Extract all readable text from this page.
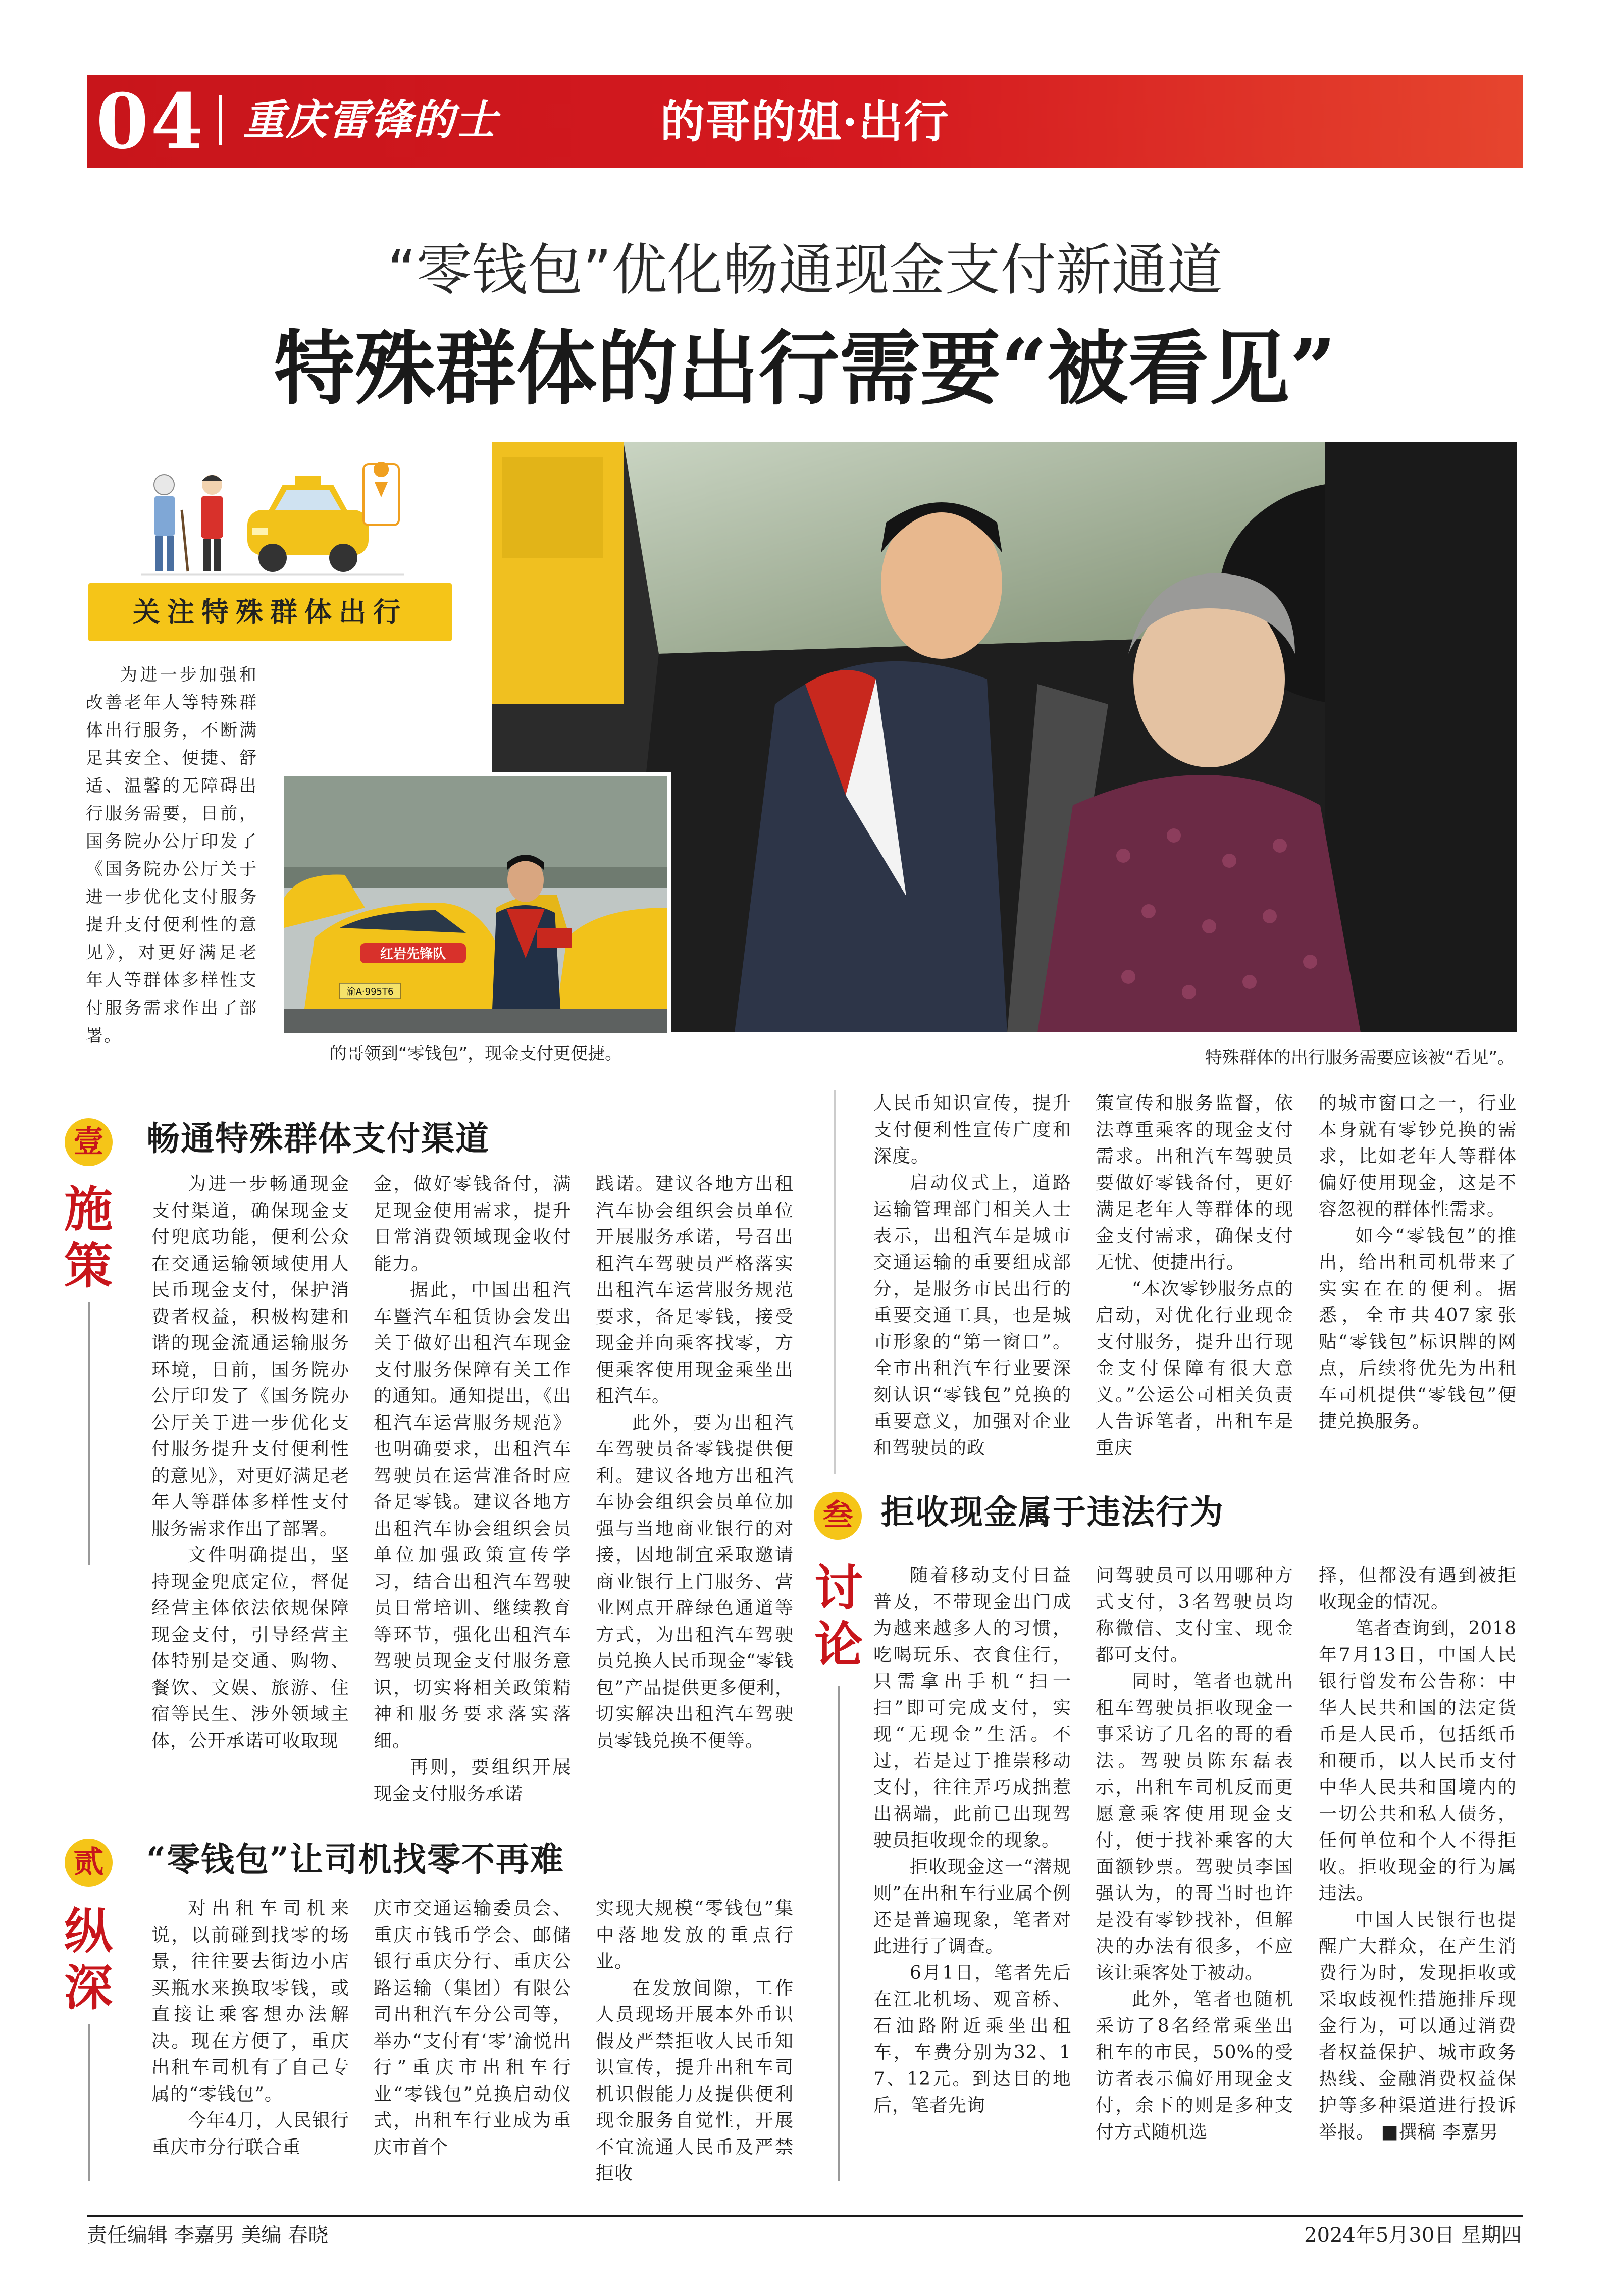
04 重庆雷锋的士	的哥的姐·出行
“零钱包”优化畅通现金支付新通道
特殊群体的出行需要“被看见”
关注特殊群体出行
为进一步加强和改善老年人等特殊群体出行服务，不断满足其安全、便捷、舒适、温馨的无障碍出行服务需要，日前，国务院办公厅印发了《国务院办公厅关于进一步优化支付服务提升支付便利性的意见》，对更好满足老年人等群体多样性支付服务需求作出了部署。
红岩先锋队
渝A·995T6
的哥领到“零钱包”，现金支付更便捷。	特殊群体的出行服务需要应该被“看见”。
壹 畅通特殊群体支付渠道
施策

为进一步畅通现金支付渠道，确保现金支付兜底功能，便利公众在交通运输领域使用人民币现金支付，保护消费者权益，积极构建和谐的现金流通运输服务环境，日前，国务院办公厅印发了《国务院办公厅关于进一步优化支付服务提升支付便利性的意见》，对更好满足老年人等群体多样性支付服务需求作出了部署。

文件明确提出，坚持现金兜底定位，督促经营主体依法依规保障现金支付，引导经营主体特别是交通、购物、餐饮、文娱、旅游、住宿等民生、涉外领域主体，公开承诺可收取现

金，做好零钱备付，满足现金使用需求，提升日常消费领域现金收付能力。

据此，中国出租汽车暨汽车租赁协会发出关于做好出租汽车现金支付服务保障有关工作的通知。通知提出，《出租汽车运营服务规范》也明确要求，出租汽车驾驶员在运营准备时应备足零钱。建议各地方出租汽车协会组织会员单位加强政策宣传学习，结合出租汽车驾驶员日常培训、继续教育等环节，强化出租汽车驾驶员现金支付服务意识，切实将相关政策精神和服务要求落实落细。

再则，要组织开展现金支付服务承诺

践诺。建议各地方出租汽车协会组织会员单位开展服务承诺，号召出租汽车驾驶员严格落实出租汽车运营服务规范要求，备足零钱，接受现金并向乘客找零，方便乘客使用现金乘坐出租汽车。

此外，要为出租汽车驾驶员备零钱提供便利。建议各地方出租汽车协会组织会员单位加强与当地商业银行的对接，因地制宜采取邀请商业银行上门服务、营业网点开辟绿色通道等方式，为出租汽车驾驶员兑换人民币现金“零钱包”产品提供更多便利，切实解决出租汽车驾驶员零钱兑换不便等。

人民币知识宣传，提升支付便利性宣传广度和深度。

启动仪式上，道路运输管理部门相关人士表示，出租汽车是城市交通运输的重要组成部分，是服务市民出行的重要交通工具，也是城市形象的“第一窗口”。全市出租汽车行业要深刻认识“零钱包”兑换的重要意义，加强对企业和驾驶员的政

策宣传和服务监督，依法尊重乘客的现金支付需求。出租汽车驾驶员要做好零钱备付，更好满足老年人等群体的现金支付需求，确保支付无忧、便捷出行。

“本次零钞服务点的启动，对优化行业现金支付服务，提升出行现金支付保障有很大意义。”公运公司相关负责人告诉笔者，出租车是重庆

的城市窗口之一，行业本身就有零钞兑换的需求，比如老年人等群体偏好使用现金，这是不容忽视的群体性需求。

如今“零钱包”的推出，给出租司机带来了实实在在的便利。据悉，全市共407家张贴“零钱包”标识牌的网点，后续将优先为出租车司机提供“零钱包”便捷兑换服务。

叁 拒收现金属于违法行为
讨论

随着移动支付日益普及，不带现金出门成为越来越多人的习惯，吃喝玩乐、衣食住行，只需拿出手机“扫一扫”即可完成支付，实现“无现金”生活。不过，若是过于推崇移动支付，往往弄巧成拙惹出祸端，此前已出现驾驶员拒收现金的现象。

拒收现金这一“潜规则”在出租车行业属个例还是普遍现象，笔者对此进行了调查。

6月1日，笔者先后在江北机场、观音桥、石油路附近乘坐出租车，车费分别为32、17、12元。到达目的地后，笔者先询

问驾驶员可以用哪种方式支付，3名驾驶员均称微信、支付宝、现金都可支付。

同时，笔者也就出租车驾驶员拒收现金一事采访了几名的哥的看法。驾驶员陈东磊表示，出租车司机反而更愿意乘客使用现金支付，便于找补乘客的大面额钞票。驾驶员李国强认为，的哥当时也许是没有零钞找补，但解决的办法有很多，不应该让乘客处于被动。

此外，笔者也随机采访了8名经常乘坐出租车的市民，50%的受访者表示偏好用现金支付，余下的则是多种支付方式随机选

择，但都没有遇到被拒收现金的情况。

笔者查询到，2018年7月13日，中国人民银行曾发布公告称：中华人民共和国的法定货币是人民币，包括纸币和硬币，以人民币支付中华人民共和国境内的一切公共和私人债务，任何单位和个人不得拒收。拒收现金的行为属违法。

中国人民银行也提醒广大群众，在产生消费行为时，发现拒收或采取歧视性措施排斥现金行为，可以通过消费者权益保护、城市政务热线、金融消费权益保护等多种渠道进行投诉举报。 ■撰稿 李嘉男

贰 “零钱包”让司机找零不再难
纵深

对出租车司机来说，以前碰到找零的场景，往往要去街边小店买瓶水来换取零钱，或直接让乘客想办法解决。现在方便了，重庆出租车司机有了自己专属的“零钱包”。

今年4月，人民银行重庆市分行联合重

庆市交通运输委员会、重庆市钱币学会、邮储银行重庆分行、重庆公路运输（集团）有限公司出租汽车分公司等，举办“支付有‘零’渝悦出行”重庆市出租车行业“零钱包”兑换启动仪式，出租车行业成为重庆市首个

实现大规模“零钱包”集中落地发放的重点行业。

在发放间隙，工作人员现场开展本外币识假及严禁拒收人民币知识宣传，提升出租车司机识假能力及提供便利现金服务自觉性，开展不宜流通人民币及严禁拒收

责任编辑 李嘉男 美编 春晓	2024年5月30日 星期四
